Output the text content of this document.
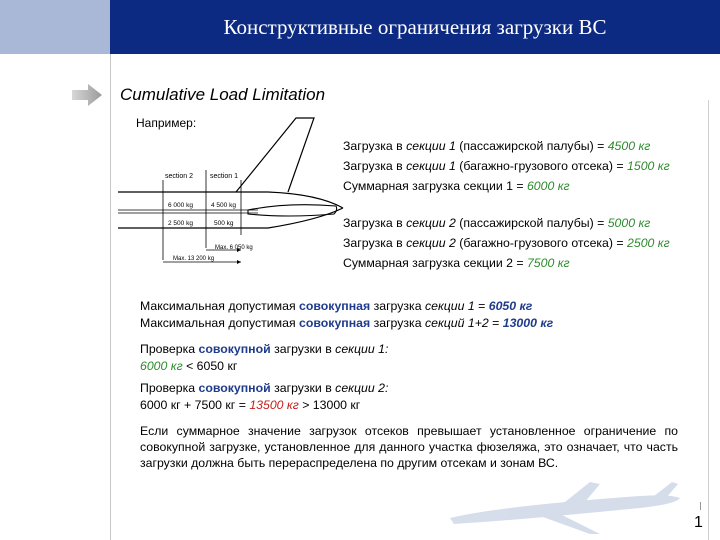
Конструктивные ограничения загрузки ВС
Cumulative Load Limitation
Например:
section 2 section 1
6 000 kg	4 500 kg
2 500 kg	500 kg
Max. 6 050 kg
Max. 13 200 kg
Загрузка в секции 1 (пассажирской палубы) = 4500 кг
Загрузка в секции 1 (багажно-грузового отсека) = 1500 кг
Суммарная загрузка секции 1 = 6000 кг
Загрузка в секции 2 (пассажирской палубы) = 5000 кг
Загрузка в секции 2 (багажно-грузового отсека) = 2500 кг
Суммарная загрузка секции 2 = 7500 кг
Максимальная допустимая совокупная загрузка секции 1 = 6050 кг
Максимальная допустимая совокупная загрузка секций 1+2 = 13000 кг
Проверка совокупной загрузки в секции 1:
6000 кг < 6050 кг
Проверка совокупной загрузки в секции 2:
6000 кг + 7500 кг = 13500 кг > 13000 кг
Если суммарное значение загрузок отсеков превышает установленное ограничение по совокупной загрузке, установленное для данного участка фюзеляжа, это означает, что часть загрузки должна быть перераспределена по другим отсекам и зонам ВС.
1
